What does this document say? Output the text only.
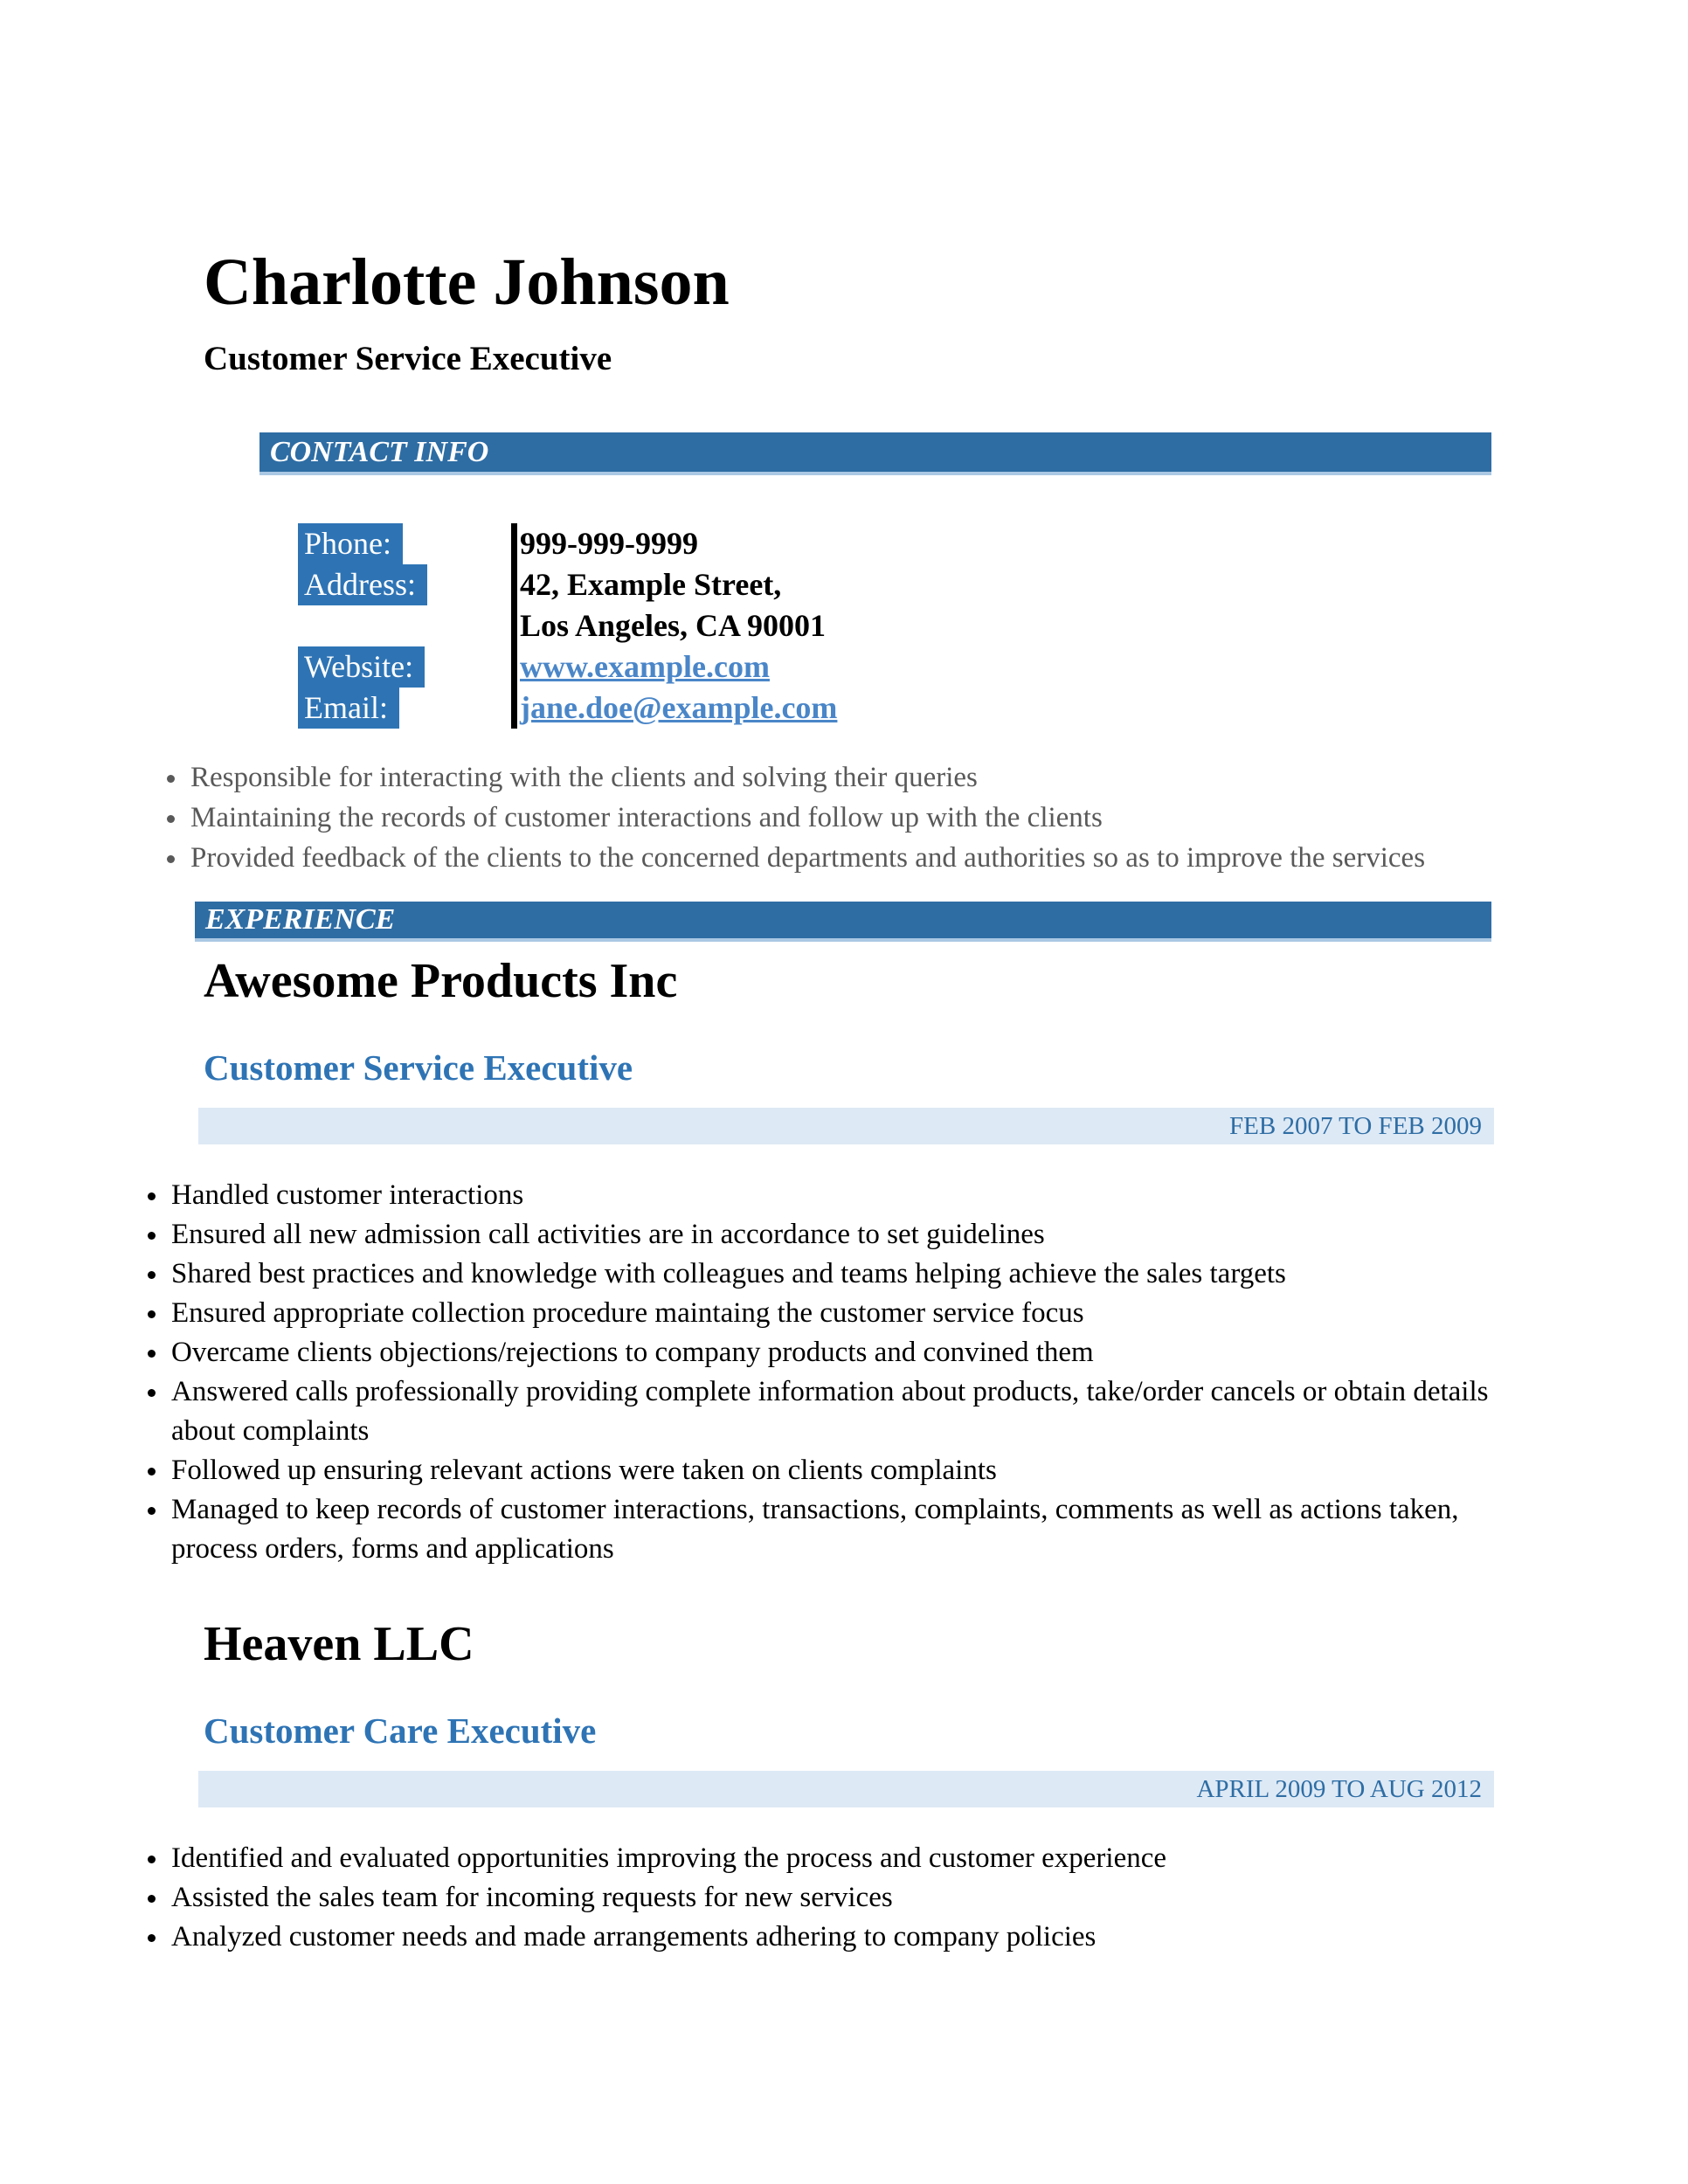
Charlotte Johnson
Customer Service Executive
CONTACT INFO
Phone:
Address:
Website:
Email:
999-999-9999
42, Example Street,
Los Angeles, CA 90001
www.example.com
jane.doe@example.com
• Responsible for interacting with the clients and solving their queries
• Maintaining the records of customer interactions and follow up with the clients
• Provided feedback of the clients to the concerned departments and authorities so as to improve the services
EXPERIENCE
Awesome Products Inc
Customer Service Executive
FEB 2007 TO FEB 2009
• Handled customer interactions
• Ensured all new admission call activities are in accordance to set guidelines
• Shared best practices and knowledge with colleagues and teams helping achieve the sales targets
• Ensured appropriate collection procedure maintaing the customer service focus
• Overcame clients objections/rejections to company products and convined them
• Answered calls professionally providing complete information about products, take/order cancels or obtain details about complaints
• Followed up ensuring relevant actions were taken on clients complaints
• Managed to keep records of customer interactions, transactions, complaints, comments as well as actions taken, process orders, forms and applications
Heaven LLC
Customer Care Executive
APRIL 2009 TO AUG 2012
• Identified and evaluated opportunities improving the process and customer experience
• Assisted the sales team for incoming requests for new services
• Analyzed customer needs and made arrangements adhering to company policies
